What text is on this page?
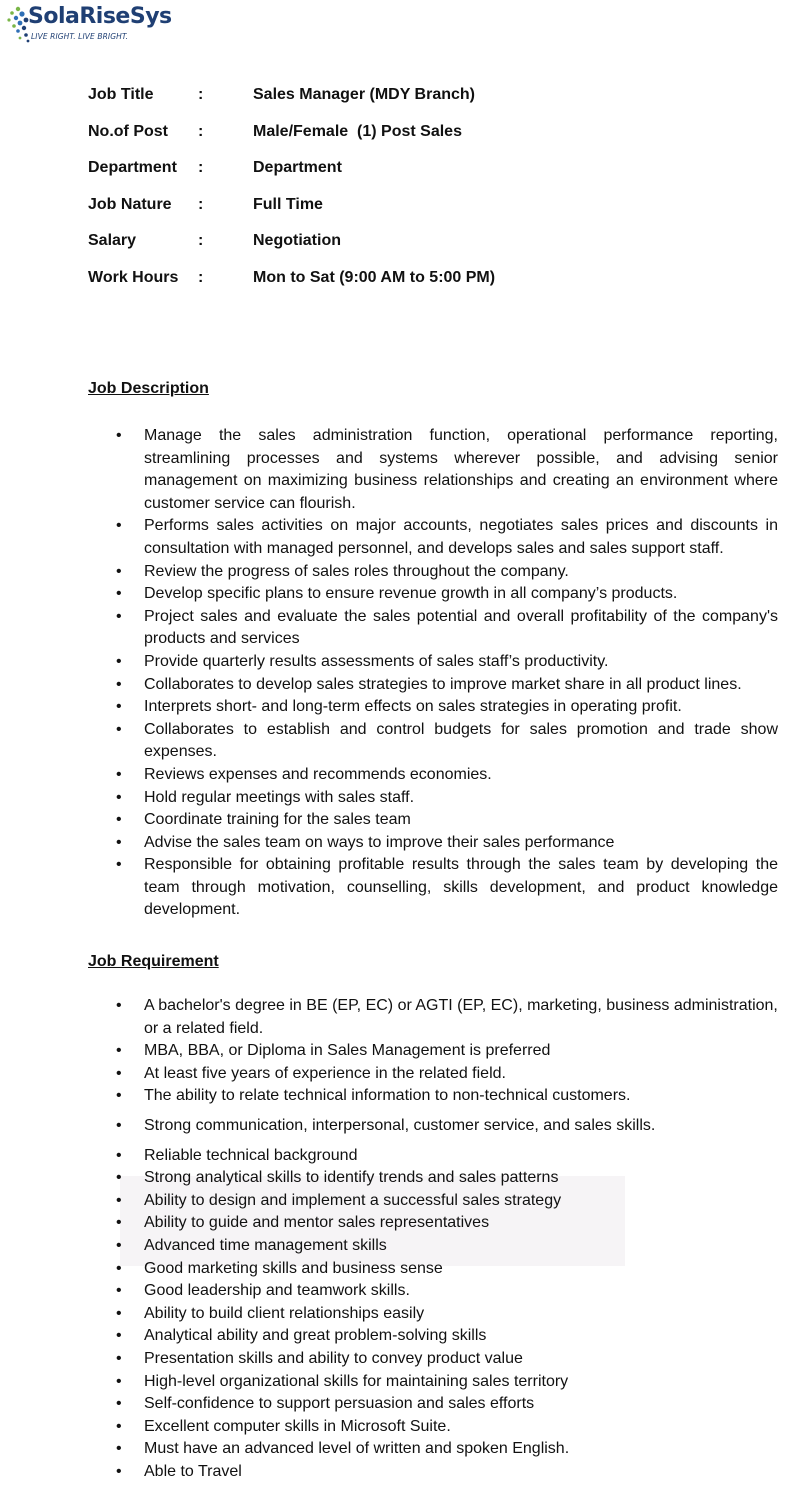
SolaRiseSys
LIVE RIGHT. LIVE BRIGHT.
Job Title	:	Sales Manager (MDY Branch)
No.of Post :	Male/Female  (1) Post Sales
Department :	Department
Job Nature :	Full Time
Salary	:	Negotiation
Work Hours :	Mon to Sat (9:00 AM to 5:00 PM)
Job Description
• Manage the sales administration function, operational performance reporting, streamlining processes and systems wherever possible, and advising senior management on maximizing business relationships and creating an environment where customer service can flourish.
• Performs sales activities on major accounts, negotiates sales prices and discounts in consultation with managed personnel, and develops sales and sales support staff.
• Review the progress of sales roles throughout the company.
• Develop specific plans to ensure revenue growth in all company’s products.
• Project sales and evaluate the sales potential and overall profitability of the company's products and services
• Provide quarterly results assessments of sales staff’s productivity.
• Collaborates to develop sales strategies to improve market share in all product lines.
• Interprets short- and long-term effects on sales strategies in operating profit.
• Collaborates to establish and control budgets for sales promotion and trade show expenses.
• Reviews expenses and recommends economies.
• Hold regular meetings with sales staff.
• Coordinate training for the sales team
• Advise the sales team on ways to improve their sales performance
• Responsible for obtaining profitable results through the sales team by developing the team through motivation, counselling, skills development, and product knowledge development.
Job Requirement
• A bachelor's degree in BE (EP, EC) or AGTI (EP, EC), marketing, business administration, or a related field.
• MBA, BBA, or Diploma in Sales Management is preferred
• At least five years of experience in the related field.
• The ability to relate technical information to non-technical customers.
• Strong communication, interpersonal, customer service, and sales skills.
• Reliable technical background
• Strong analytical skills to identify trends and sales patterns
• Ability to design and implement a successful sales strategy
• Ability to guide and mentor sales representatives
• Advanced time management skills
• Good marketing skills and business sense
• Good leadership and teamwork skills.
• Ability to build client relationships easily
• Analytical ability and great problem-solving skills
• Presentation skills and ability to convey product value
• High-level organizational skills for maintaining sales territory
• Self-confidence to support persuasion and sales efforts
• Excellent computer skills in Microsoft Suite.
• Must have an advanced level of written and spoken English.
• Able to Travel
